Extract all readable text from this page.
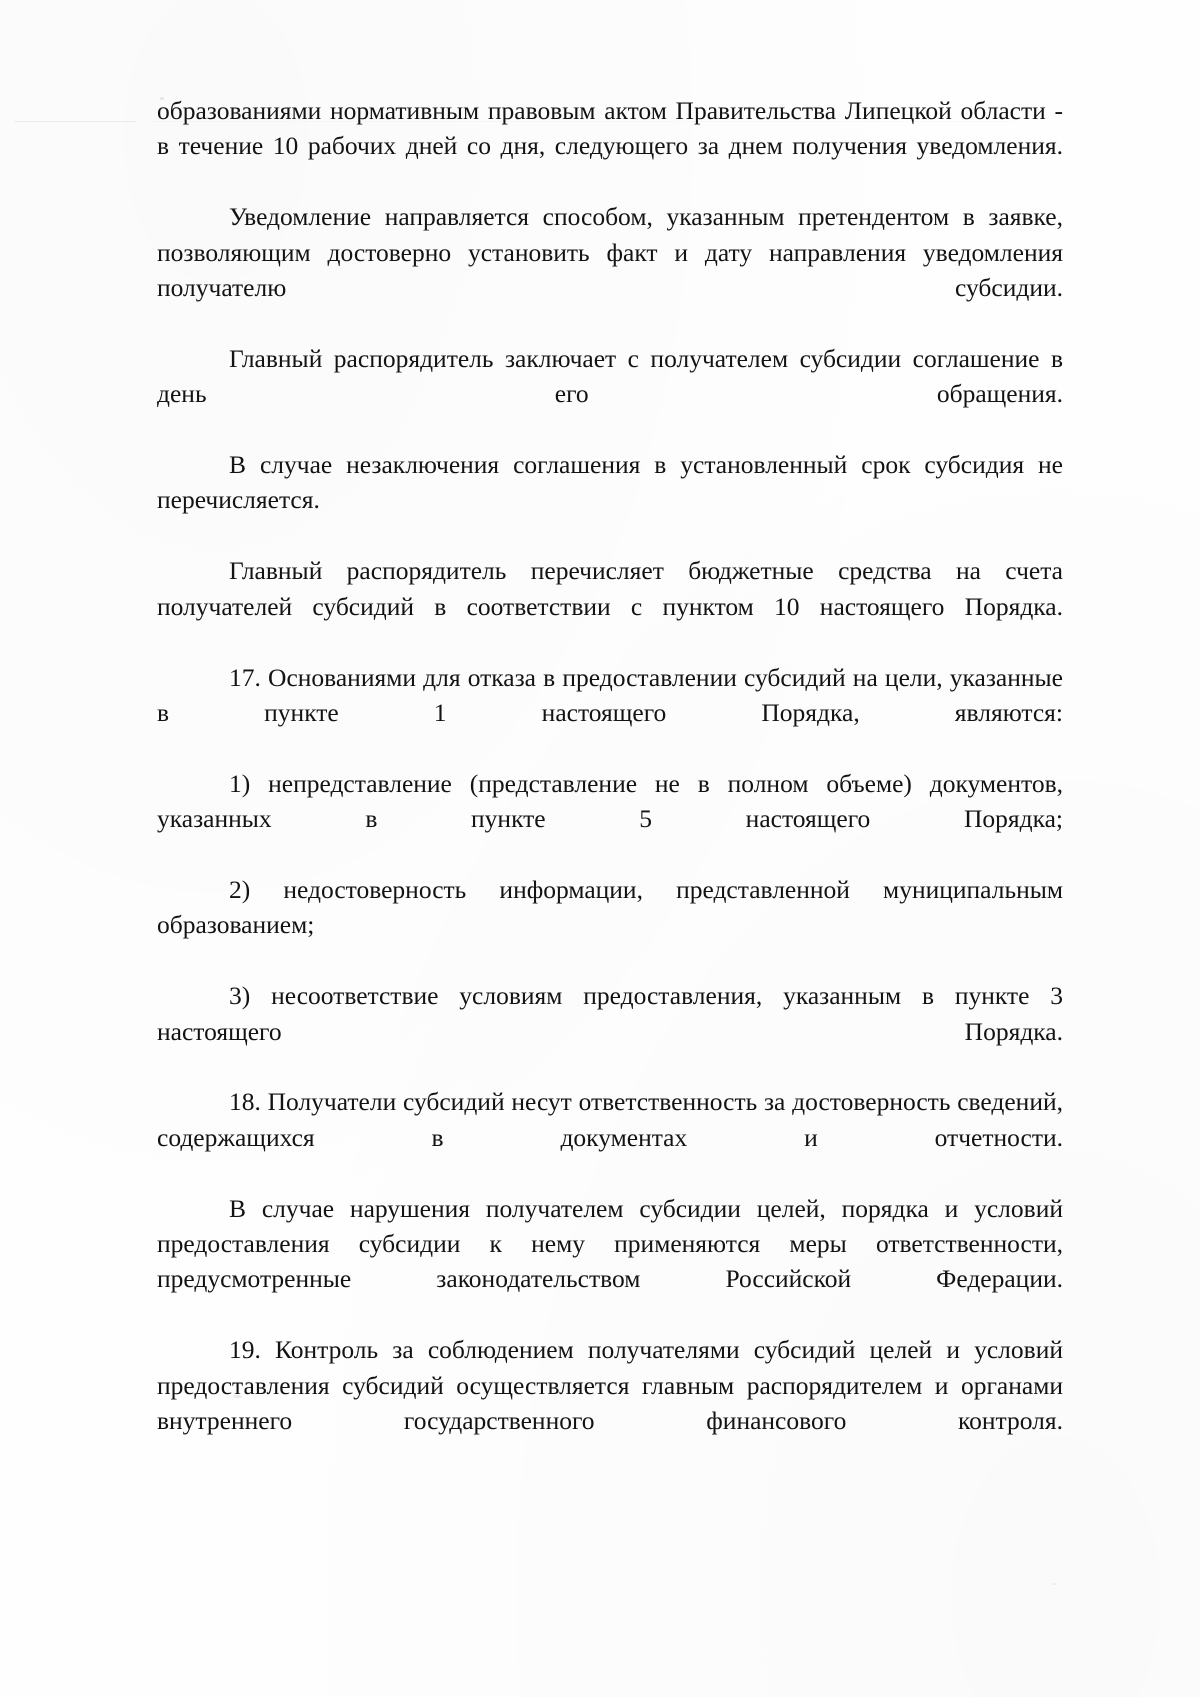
образованиями нормативным правовым актом Правительства Липецкой области - в течение 10 рабочих дней со дня, следующего за днем получения уведомления.

Уведомление направляется способом, указанным претендентом в заявке, позволяющим достоверно установить факт и дату направления уведомления получателю субсидии.

Главный распорядитель заключает с получателем субсидии соглашение в день его обращения.

В случае незаключения соглашения в установленный срок субсидия не перечисляется.

Главный распорядитель перечисляет бюджетные средства на счета получателей субсидий в соответствии с пунктом 10 настоящего Порядка.

17. Основаниями для отказа в предоставлении субсидий на цели, указанные в пункте 1 настоящего Порядка, являются:

1) непредставление (представление не в полном объеме) документов, указанных в пункте 5 настоящего Порядка;

2) недостоверность информации, представленной муниципальным образованием;

3) несоответствие условиям предоставления, указанным в пункте 3 настоящего Порядка.

18. Получатели субсидий несут ответственность за достоверность сведений, содержащихся в документах и отчетности.

В случае нарушения получателем субсидии целей, порядка и условий предоставления субсидии к нему применяются меры ответственности, предусмотренные законодательством Российской Федерации.

19. Контроль за соблюдением получателями субсидий целей и условий предоставления субсидий осуществляется главным распорядителем и органами внутреннего государственного финансового контроля.
